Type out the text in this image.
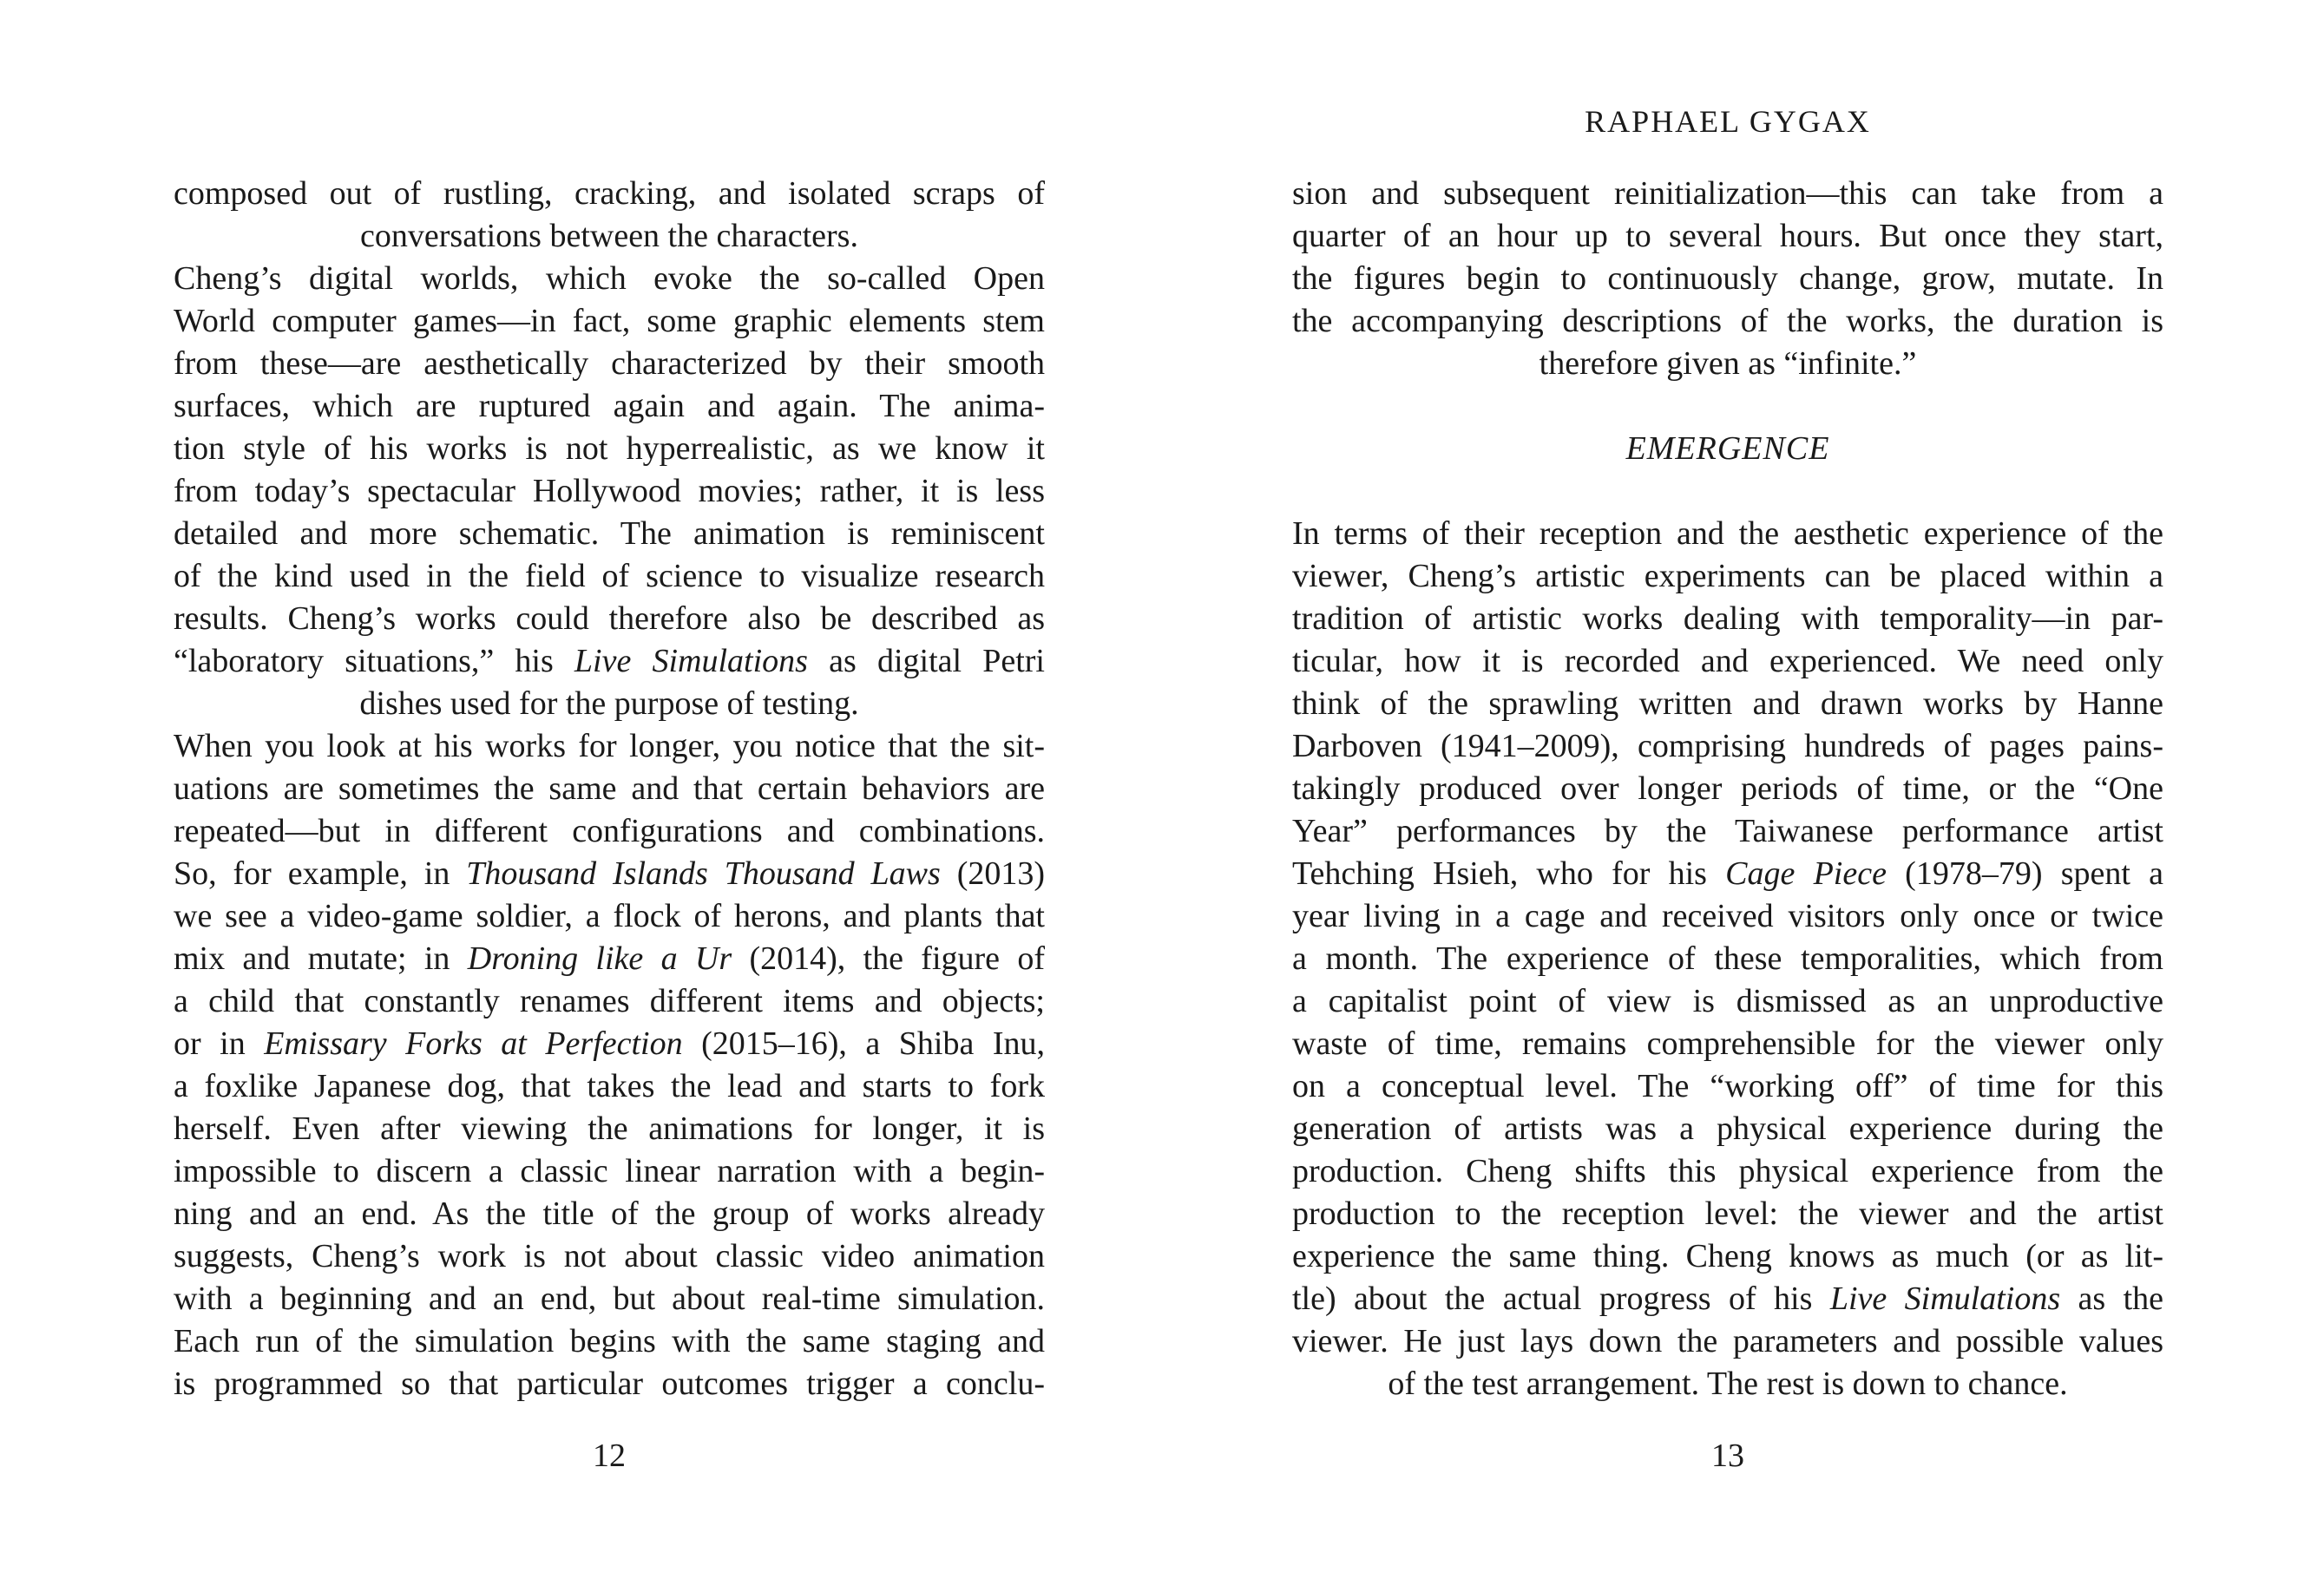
composed out of rustling, cracking, and isolated scraps of
conversations between the characters.
Cheng’s digital worlds, which evoke the so-called Open
World computer games—in fact, some graphic elements stem
from these—are aesthetically characterized by their smooth
surfaces, which are ruptured again and again. The anima-
tion style of his works is not hyperrealistic, as we know it
from today’s spectacular Hollywood movies; rather, it is less
detailed and more schematic. The animation is reminiscent
of the kind used in the field of science to visualize research
results. Cheng’s works could therefore also be described as
“laboratory situations,” his Live Simulations as digital Petri
dishes used for the purpose of testing.
When you look at his works for longer, you notice that the sit-
uations are sometimes the same and that certain behaviors are
repeated—but in different configurations and combinations.
So, for example, in Thousand Islands Thousand Laws (2013)
we see a video-game soldier, a flock of herons, and plants that
mix and mutate; in Droning like a Ur (2014), the figure of
a child that constantly renames different items and objects;
or in Emissary Forks at Perfection (2015–16), a Shiba Inu,
a foxlike Japanese dog, that takes the lead and starts to fork
herself. Even after viewing the animations for longer, it is
impossible to discern a classic linear narration with a begin-
ning and an end. As the title of the group of works already
suggests, Cheng’s work is not about classic video animation
with a beginning and an end, but about real-time simulation.
Each run of the simulation begins with the same staging and
is programmed so that particular outcomes trigger a conclu-
12
RAPHAEL GYGAX
sion and subsequent reinitialization—this can take from a
quarter of an hour up to several hours. But once they start,
the figures begin to continuously change, grow, mutate. In
the accompanying descriptions of the works, the duration is
therefore given as “infinite.”
EMERGENCE
In terms of their reception and the aesthetic experience of the
viewer, Cheng’s artistic experiments can be placed within a
tradition of artistic works dealing with temporality—in par-
ticular, how it is recorded and experienced. We need only
think of the sprawling written and drawn works by Hanne
Darboven (1941–2009), comprising hundreds of pages pains-
takingly produced over longer periods of time, or the “One
Year” performances by the Taiwanese performance artist
Tehching Hsieh, who for his Cage Piece (1978–79) spent a
year living in a cage and received visitors only once or twice
a month. The experience of these temporalities, which from
a capitalist point of view is dismissed as an unproductive
waste of time, remains comprehensible for the viewer only
on a conceptual level. The “working off” of time for this
generation of artists was a physical experience during the
production. Cheng shifts this physical experience from the
production to the reception level: the viewer and the artist
experience the same thing. Cheng knows as much (or as lit-
tle) about the actual progress of his Live Simulations as the
viewer. He just lays down the parameters and possible values
of the test arrangement. The rest is down to chance.
13
